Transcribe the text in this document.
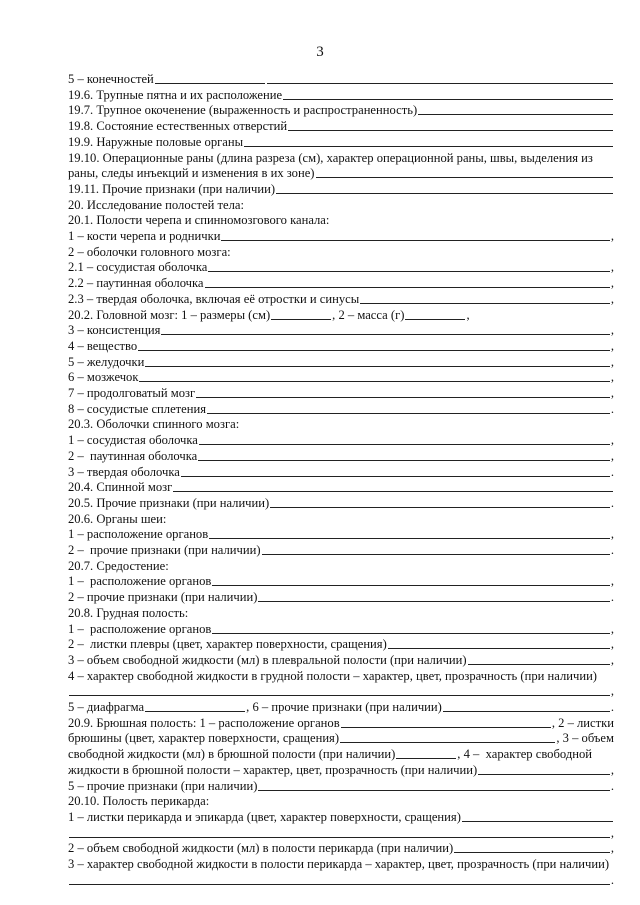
3
5 – конечностей
19.6. Трупные пятна и их расположение
19.7. Трупное окоченение (выраженность и распространенность)
19.8. Состояние естественных отверстий
19.9. Наружные половые органы
19.10. Операционные раны (длина разреза (см), характер операционной раны, швы, выделения из
раны, следы инъекций и изменения в их зоне)
19.11. Прочие признаки (при наличии)
20. Исследование полостей тела:
20.1. Полости черепа и спинномозгового канала:
1 – кости черепа и роднички	,
2 – оболочки головного мозга:
2.1 – сосудистая оболочка	,
2.2 – паутинная оболочка	,
2.3 – твердая оболочка, включая её отростки и синусы	,
20.2. Головной мозг: 1 – размеры (см)	, 2 – масса (г)	,
3 – консистенция	,
4 – вещество	,
5 – желудочки	,
6 – мозжечок	,
7 – продолговатый мозг	,
8 – сосудистые сплетения	.
20.3. Оболочки спинного мозга:
1 – сосудистая оболочка	,
2 –  паутинная оболочка	,
3 – твердая оболочка	.
20.4. Спинной мозг
20.5. Прочие признаки (при наличии)	.
20.6. Органы шеи:
1 – расположение органов	,
2 –  прочие признаки (при наличии)	.
20.7. Средостение:
1 –  расположение органов	,
2 – прочие признаки (при наличии)	.
20.8. Грудная полость:
1 –  расположение органов	,
2 –  листки плевры (цвет, характер поверхности, сращения)	,
3 – объем свободной жидкости (мл) в плевральной полости (при наличии)	,
4 – характер свободной жидкости в грудной полости – характер, цвет, прозрачность (при наличии)
,
5 – диафрагма	, 6 – прочие признаки (при наличии)	.
20.9. Брюшная полость: 1 – расположение органов	, 2 – листки
брюшины (цвет, характер поверхности, сращения)	, 3 – объем
свободной жидкости (мл) в брюшной полости (при наличии)	, 4 –  характер свободной
жидкости в брюшной полости – характер, цвет, прозрачность (при наличии)	,
5 – прочие признаки (при наличии)	.
20.10. Полость перикарда:
1 – листки перикарда и эпикарда (цвет, характер поверхности, сращения)
,
2 – объем свободной жидкости (мл) в полости перикарда (при наличии)	,
3 – характер свободной жидкости в полости перикарда – характер, цвет, прозрачность (при наличии)
.
